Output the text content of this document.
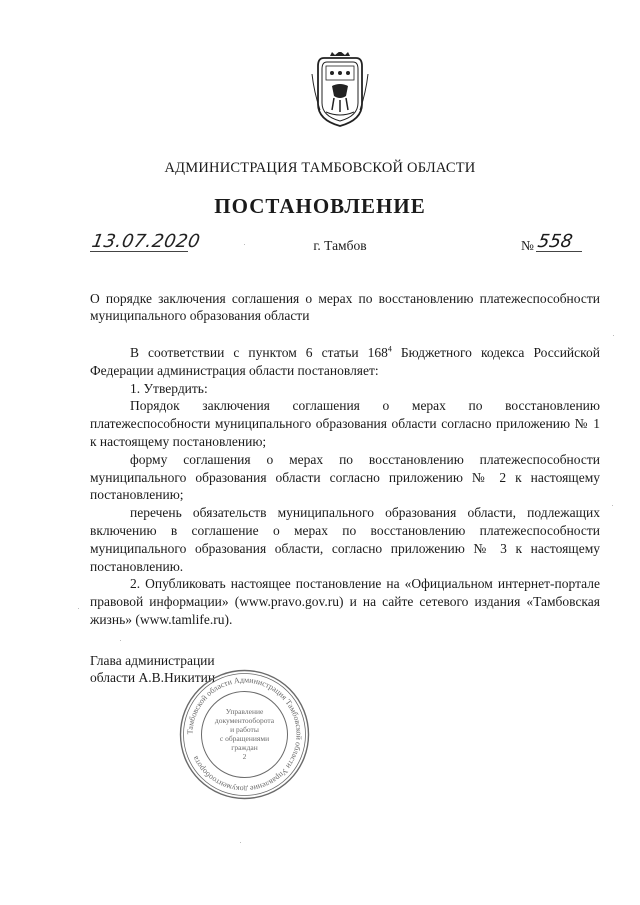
АДМИНИСТРАЦИЯ ТАМБОВСКОЙ ОБЛАСТИ
ПОСТАНОВЛЕНИЕ
13.07.2020	г. Тамбов	№ 558
О порядке заключения соглашения о мерах по восстановлению платежеспособности муниципального образования области

В соответствии с пунктом 6 статьи $168^4$ Бюджетного кодекса Российской Федерации администрация области постановляет:

1. Утвердить:

Порядок заключения соглашения о мерах по восстановлению платежеспособности муниципального образования области согласно приложению № 1 к настоящему постановлению;

форму соглашения о мерах по восстановлению платежеспособности муниципального образования области согласно приложению № 2 к настоящему постановлению;

перечень обязательств муниципального образования области, подлежащих включению в соглашение о мерах по восстановлению платежеспособности муниципального образования области, согласно приложению № 3 к настоящему постановлению.

2. Опубликовать настоящее постановление на «Официальном интернет-портале правовой информации» (www.pravo.gov.ru) и на сайте сетевого издания «Тамбовская жизнь» (www.tamlife.ru).

Глава администрации
области А.В.Никитин
Тамбовской области Администрация Тамбовской области Управление документооборота
Управление
документооборота
и работы
с обращениями
граждан
2
